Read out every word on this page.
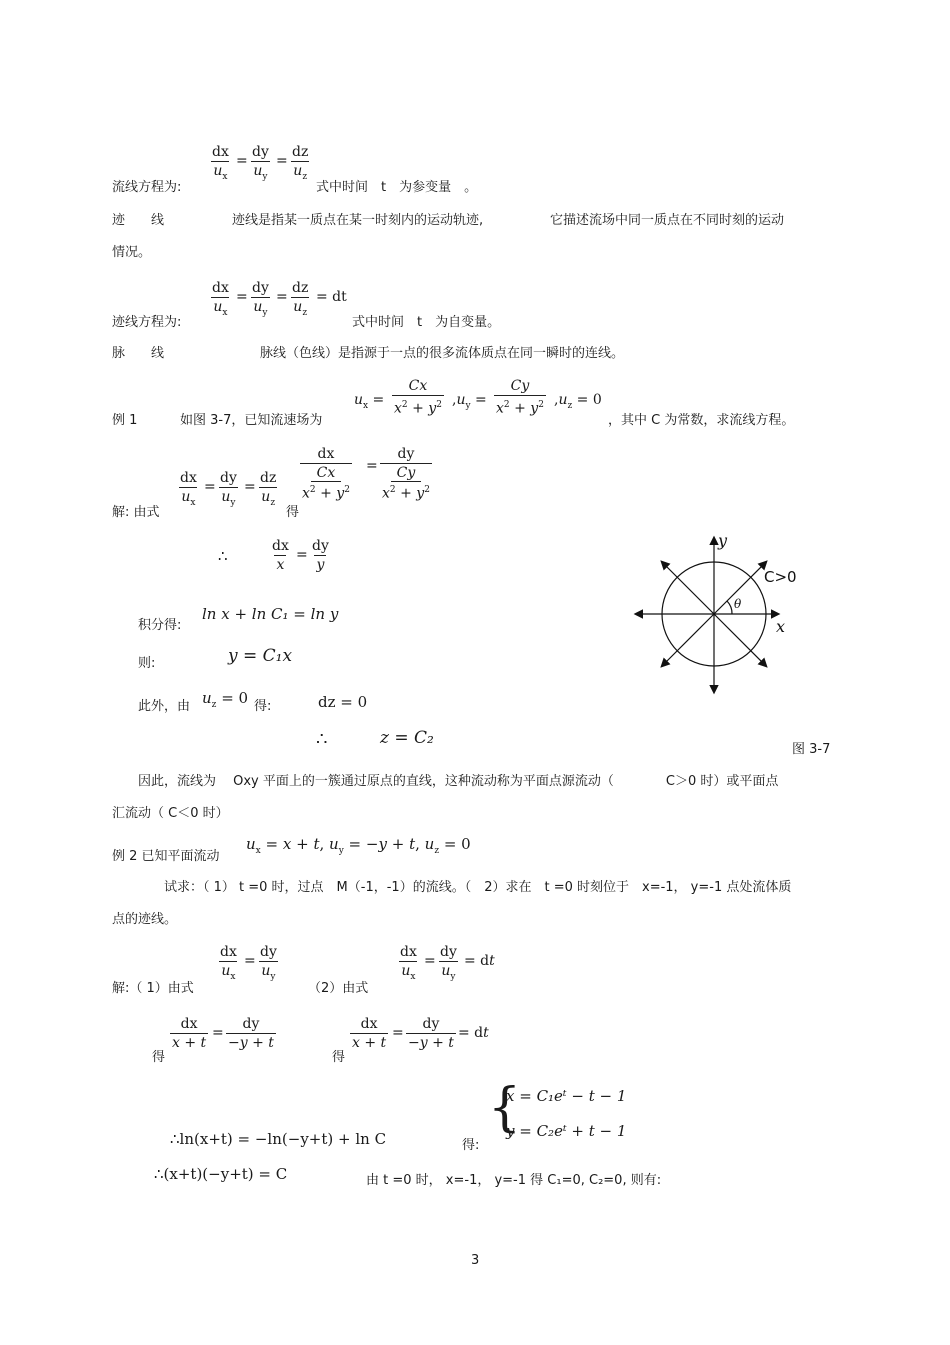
$\frac{dx}{u_x} = \frac{dy}{u_y} = \frac{dz}{u_z}$
流线方程为:	式中时间　t　为参变量　。
迹　　线	迹线是指某一质点在某一时刻内的运动轨迹,	它描述流场中同一质点在不同时刻的运动
情况。
$\frac{dx}{u_x} = \frac{dy}{u_y} = \frac{dz}{u_z}$ = dt
迹线方程为:	式中时间　t　为自变量。
脉　　线	脉线（色线）是指源于一点的很多流体质点在同一瞬时的连线。
例 1	如图 3-7，已知流速场为
$u_x = \frac{Cx}{x^2 + y^2} ,u_y = \frac{Cy}{x^2 + y^2} ,u_z = 0$
，其中 C 为常数，求流线方程。
$\frac{dx}{u_x} = \frac{dy}{u_y} = \frac{dz}{u_z}$
解: 由式	得
dx
Cx
$x^2 + y^2$ = dy
Cy
$x^2 + y^2$
∴	$\frac{dx}{x} = \frac{dy}{y}$
积分得:
ln x + ln C₁ = ln y
则:	y = C₁x
此外，由 $u_z = 0$ 得:	dz = 0
∴	z = C₂
y
x
θ
C>0
图 3-7
因此，流线为　 Oxy 平面上的一簇通过原点的直线，这种流动称为平面点源流动（　　　　C＞0 时）或平面点
汇流动（ C＜0 时）
例 2 已知平面流动
$u_x = x + t$, $u_y = -y + t$, $u_z = 0$
试求：（ 1） t =0 时，过点　M（-1，-1）的流线。（　2）求在　t =0 时刻位于　x=-1， y=-1 点处流体质
点的迹线。
$\frac{dx}{u_x} = \frac{dy}{u_y}$
解:（ 1）由式	（2）由式
$\frac{dx}{u_x} = \frac{dy}{u_y}$ = dt
得
$\frac{dx}{x + t} = \frac{dy}{-y + t}$
得
$\frac{dx}{x + t} = \frac{dy}{-y + t}$ = dt
∴ln(x+t) = −ln(−y+t) + ln C
∴(x+t)(−y+t) = C
得:
{
x = C₁eᵗ − t − 1
y = C₂eᵗ + t − 1
由 t =0 时， x=-1， y=-1 得 C₁=0, C₂=0, 则有:
3
